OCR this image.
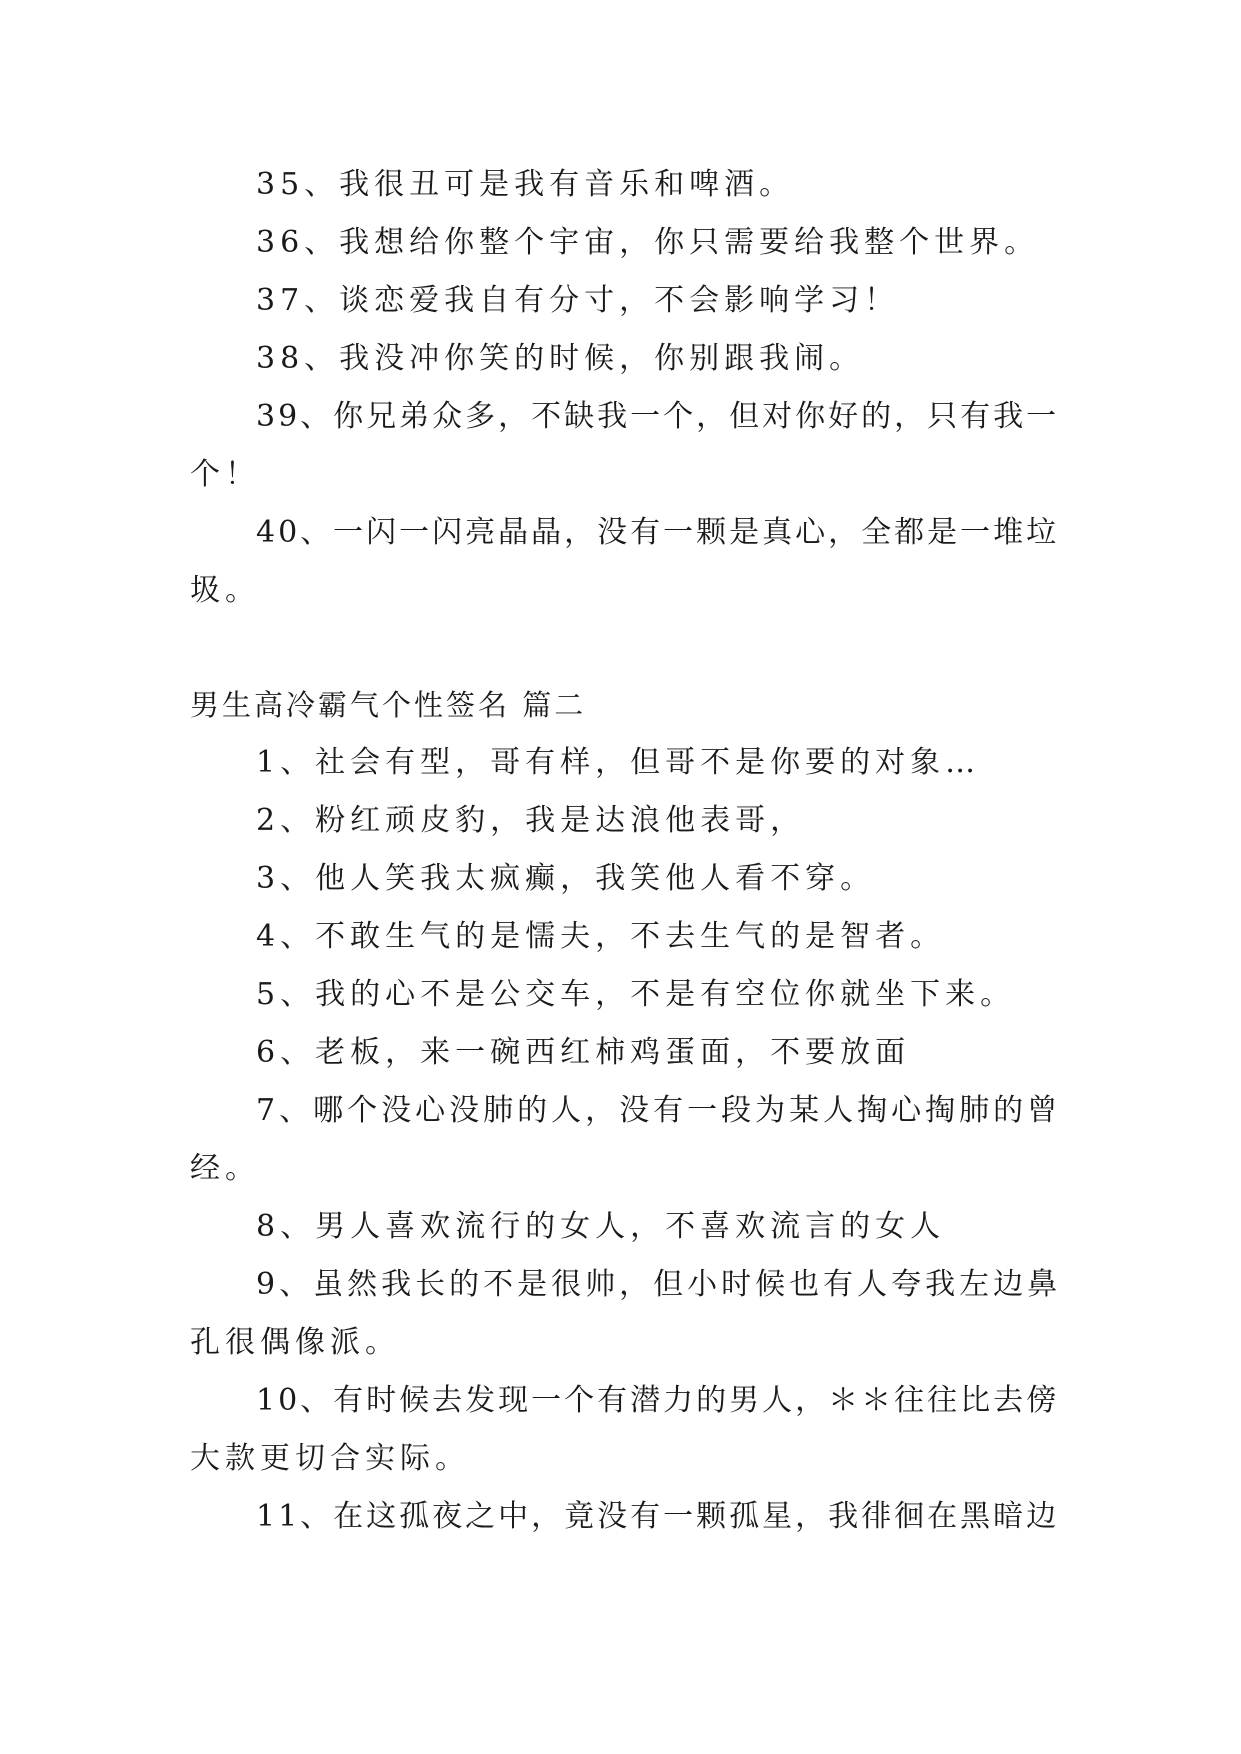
35、我很丑可是我有音乐和啤酒。
36、我想给你整个宇宙，你只需要给我整个世界。
37、谈恋爱我自有分寸，不会影响学习！
38、我没冲你笑的时候，你别跟我闹。
39、你兄弟众多，不缺我一个，但对你好的，只有我一
个！
40、一闪一闪亮晶晶，没有一颗是真心，全都是一堆垃
圾。
男生高冷霸气个性签名 篇二
1、社会有型，哥有样，但哥不是你要的对象…
2、粉红顽皮豹，我是达浪他表哥，
3、他人笑我太疯癫，我笑他人看不穿。
4、不敢生气的是懦夫，不去生气的是智者。
5、我的心不是公交车，不是有空位你就坐下来。
6、老板，来一碗西红柿鸡蛋面，不要放面
7、哪个没心没肺的人，没有一段为某人掏心掏肺的曾
经。
8、男人喜欢流行的女人，不喜欢流言的女人
9、虽然我长的不是很帅，但小时候也有人夸我左边鼻
孔很偶像派。
10、有时候去发现一个有潜力的男人，＊＊往往比去傍
大款更切合实际。
11、在这孤夜之中，竟没有一颗孤星，我徘徊在黑暗边
